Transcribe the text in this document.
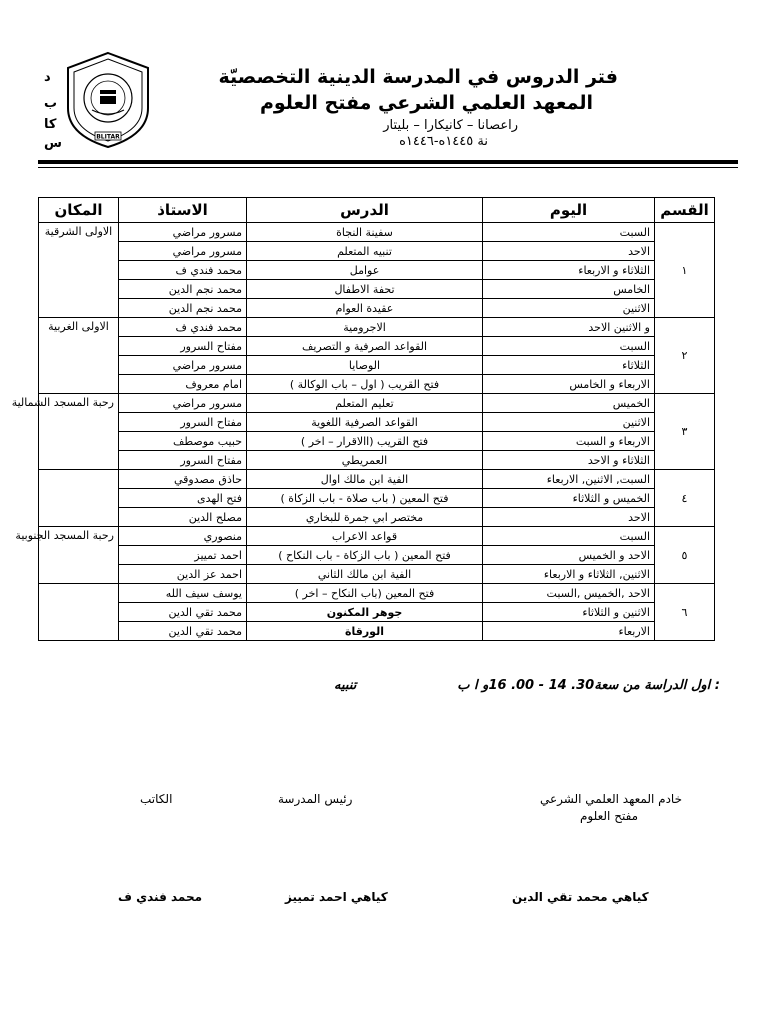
BLITAR
د
ب
كا
س
فتر الدروس في المدرسة الدينية التخصصيّة
المعهد العلمي الشرعي مفتح العلوم
راعصانا – كانيكارا – بليتار
نة ١٤٤٥ه-١٤٤٦ه
القسم	اليوم	الدرس	الاستاذ	المكان
١	السبت	سفينة النجاة	مسرور مراضي	الاولى الشرقية
	الاحد	تنبيه المتعلم	مسرور مراضي	
	الثلاثاء و الاربعاء	عوامل	محمد فندي ف	
	الخامس	تحفة الاطفال	محمد نجم الدين	
	الاثنين	عقيدة العوام	محمد نجم الدين	
٢	و الاثنين الاحد	الاجرومية	محمد فندي ف	الاولى الغربية
	السبت	القواعد الصرفية و التصريف	مفتاح السرور	
	الثلاثاء	الوصايا	مسرور مراضي	
	الاربعاء و الخامس	فتح القريب ( اول – باب الوكالة )	امام معروف	
٣	الخميس	تعليم المتعلم	مسرور مراضي	رحبة المسجد الشمالية
	الاثنين	القواعد الصرفية اللغوية	مفتاح السرور	
	الاربعاء و السبت	فتح القريب (االاقرار – اخر )	حبيب موصطف	
	الثلاثاء و الاحد	العمريطي	مفتاح السرور	
٤	السبت, الاثنين, الاربعاء	الفية ابن مالك اوال	حاذق مصدوقي	
	الخميس و الثلاثاء	فتح المعين ( باب صلاة - باب الزكاة )	فتح الهدى	
	الاحد	مختصر ابي جمرة للبخاري	مصلح الدين	
٥	السبت	قواعد الاعراب	منصوري	رحبة المسجد الجنوبية
	الاحد و الخميس	فتح المعين ( باب الزكاة - باب النكاح )	احمد تمييز	
	الاثنين, الثلاثاء و الاربعاء	الفية ابن مالك الثاني	احمد عز الدين	
٦	الاحد ,الخميس ,السبت	فتح المعين (باب النكاح – اخر )	يوسف سيف الله	
	الاثنين و الثلاثاء	جوهر المكنون	محمد تقي الدين	
	الاربعاء	الورقاة	محمد تقي الدين	
: اول الدراسة من سعة30. 14 - 00. 16و ا ب
تنبيه
خادم المعهد العلمي الشرعي
مفتح العلوم
رئيس المدرسة
الكاتب
كياهي محمد تقي الدين
كياهي احمد تمييز
محمد فندي ف
